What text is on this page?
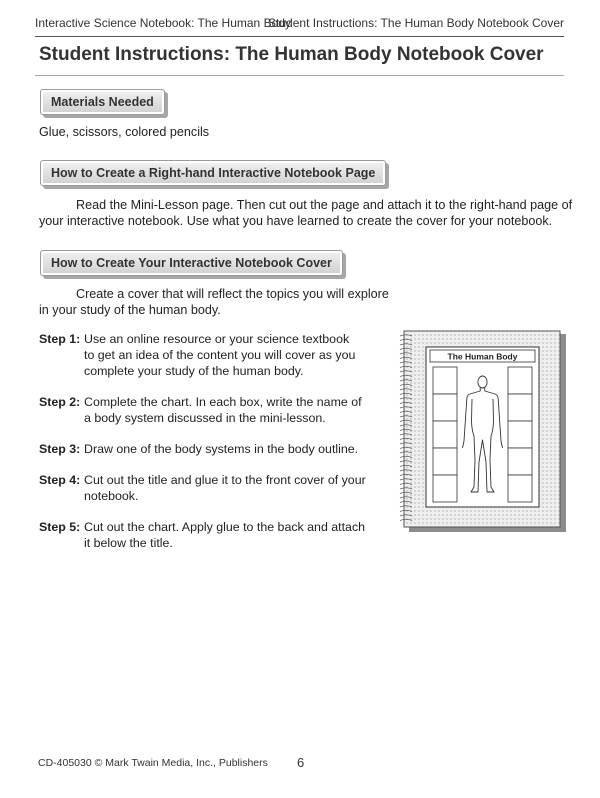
Interactive Science Notebook: The Human Body
Student Instructions: The Human Body Notebook Cover
Student Instructions: The Human Body Notebook Cover
Materials Needed
Glue, scissors, colored pencils
How to Create a Right-hand Interactive Notebook Page
Read the Mini-Lesson page. Then cut out the page and attach it to the right-hand page of
your interactive notebook. Use what you have learned to create the cover for your notebook.
How to Create Your Interactive Notebook Cover
Create a cover that will reflect the topics you will explore
in your study of the human body.
Step 1: Use an online resource or your science textbook
to get an idea of the content you will cover as you
complete your study of the human body.
Step 2: Complete the chart. In each box, write the name of
a body system discussed in the mini-lesson.
Step 3: Draw one of the body systems in the body outline.
Step 4: Cut out the title and glue it to the front cover of your
notebook.
Step 5: Cut out the chart. Apply glue to the back and attach
it below the title.
The Human Body
CD-405030 © Mark Twain Media, Inc., Publishers 6
